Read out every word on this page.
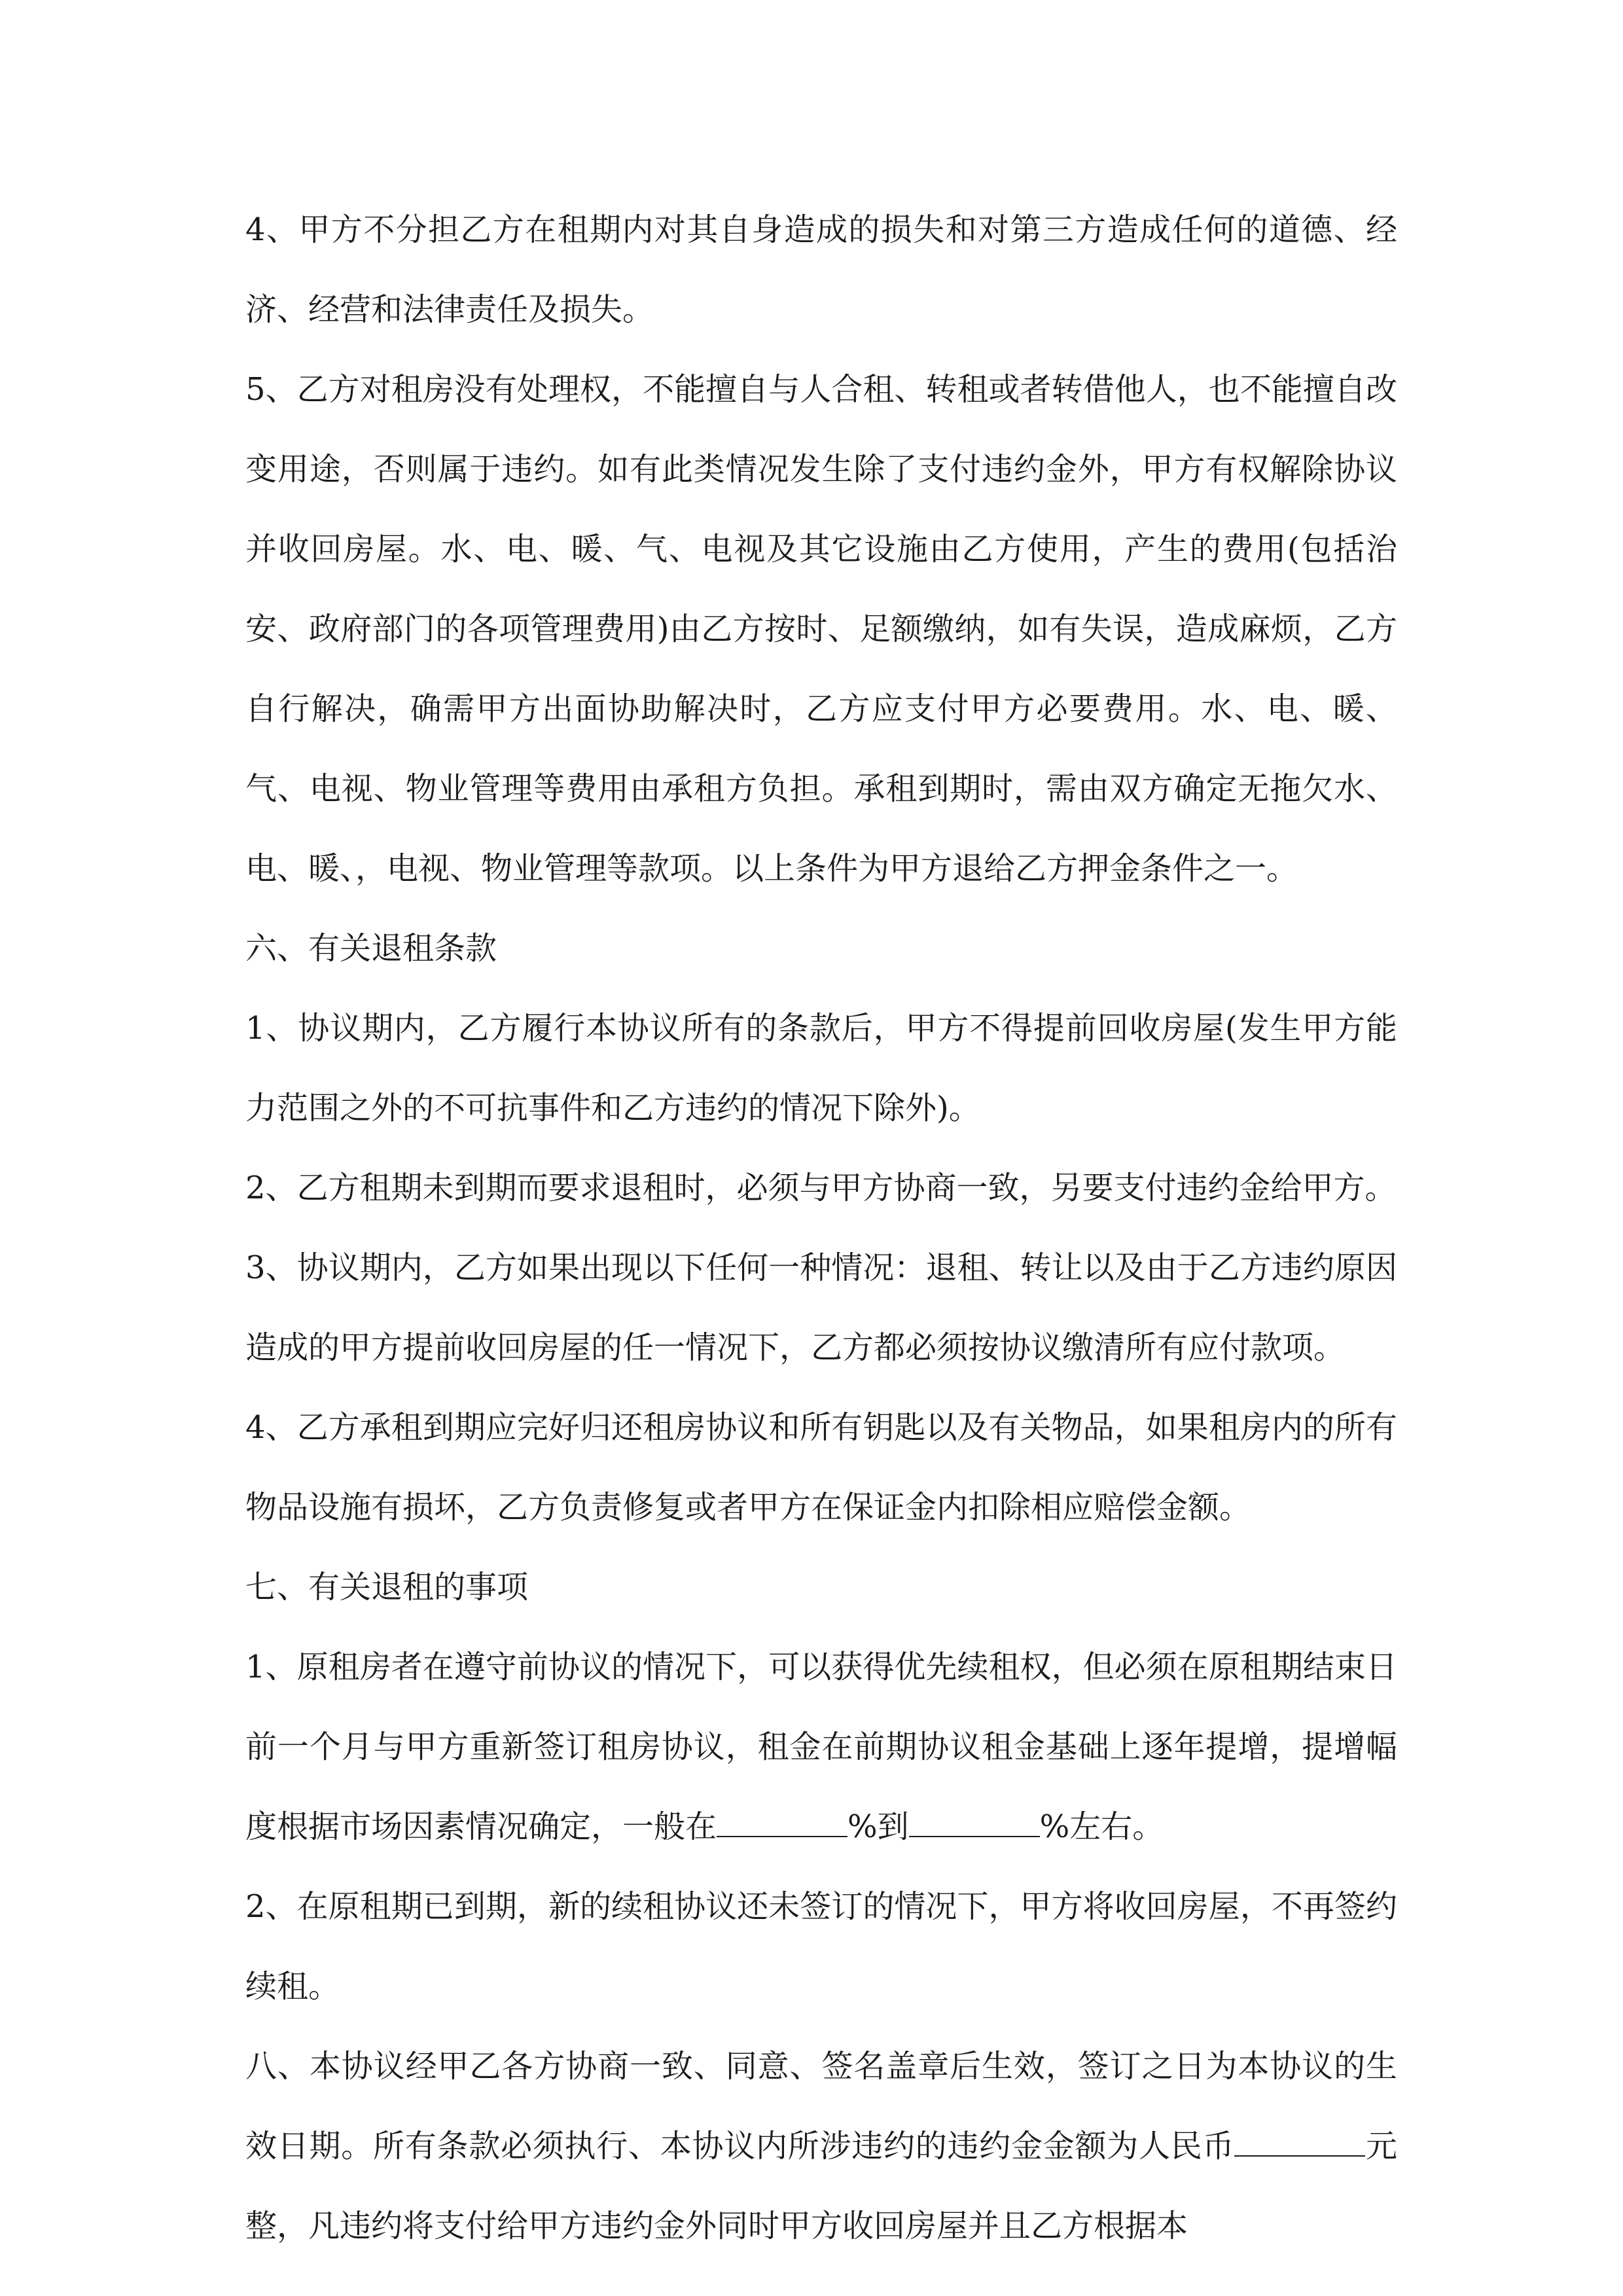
4、甲方不分担乙方在租期内对其自身造成的损失和对第三方造成任何的道德、经济、经营和法律责任及损失。

5、乙方对租房没有处理权，不能擅自与人合租、转租或者转借他人，也不能擅自改变用途，否则属于违约。如有此类情况发生除了支付违约金外，甲方有权解除协议并收回房屋。水、电、暖、气、电视及其它设施由乙方使用，产生的费用(包括治安、政府部门的各项管理费用)由乙方按时、足额缴纳，如有失误，造成麻烦，乙方自行解决，确需甲方出面协助解决时，乙方应支付甲方必要费用。水、电、暖、气、电视、物业管理等费用由承租方负担。承租到期时，需由双方确定无拖欠水、电、暖、，电视、物业管理等款项。以上条件为甲方退给乙方押金条件之一。

六、有关退租条款

1、协议期内，乙方履行本协议所有的条款后，甲方不得提前回收房屋(发生甲方能力范围之外的不可抗事件和乙方违约的情况下除外)。

2、乙方租期未到期而要求退租时，必须与甲方协商一致，另要支付违约金给甲方。

3、协议期内，乙方如果出现以下任何一种情况：退租、转让以及由于乙方违约原因造成的甲方提前收回房屋的任一情况下，乙方都必须按协议缴清所有应付款项。

4、乙方承租到期应完好归还租房协议和所有钥匙以及有关物品，如果租房内的所有物品设施有损坏，乙方负责修复或者甲方在保证金内扣除相应赔偿金额。

七、有关退租的事项

1、原租房者在遵守前协议的情况下，可以获得优先续租权，但必须在原租期结束日前一个月与甲方重新签订租房协议，租金在前期协议租金基础上逐年提增，提增幅度根据市场因素情况确定，一般在	%到	%左右。

2、在原租期已到期，新的续租协议还未签订的情况下，甲方将收回房屋，不再签约续租。

八、本协议经甲乙各方协商一致、同意、签名盖章后生效，签订之日为本协议的生效日期。所有条款必须执行、本协议内所涉违约的违约金金额为人民币	元整，凡违约将支付给甲方违约金外同时甲方收回房屋并且乙方根据本
